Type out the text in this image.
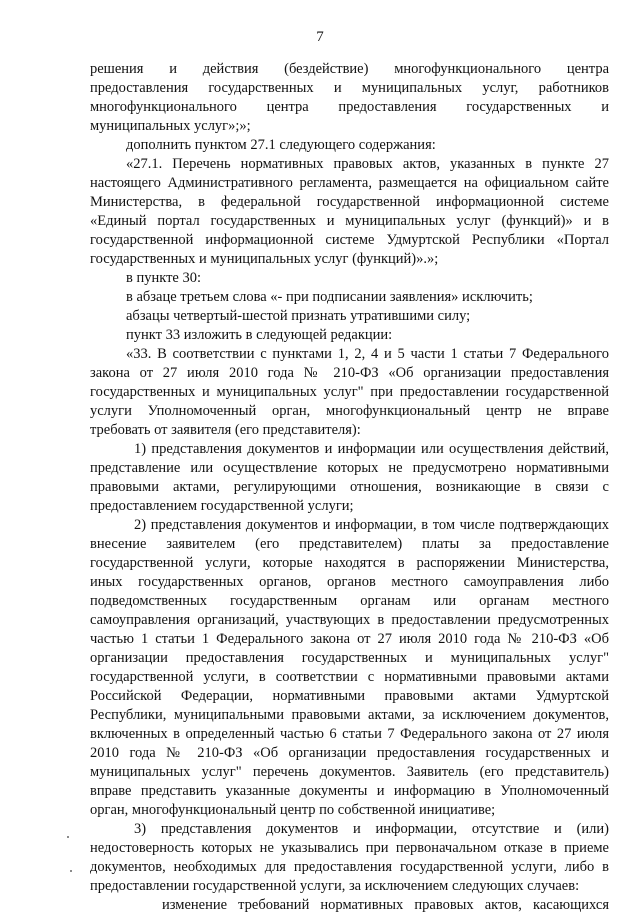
7
решения и действия (бездействие) многофункционального центра
предоставления государственных и муниципальных услуг, работников
многофункционального центра предоставления государственных и
муниципальных услуг»;»;
дополнить пунктом 27.1 следующего содержания:
«27.1. Перечень нормативных правовых актов, указанных в пункте 27
настоящего Административного регламента, размещается на официальном сайте
Министерства, в федеральной государственной информационной системе
«Единый портал государственных и муниципальных услуг (функций)» и в
государственной информационной системе Удмуртской Республики «Портал
государственных и муниципальных услуг (функций)».»;
в пункте 30:
в абзаце третьем слова «- при подписании заявления» исключить;
абзацы четвертый-шестой признать утратившими силу;
пункт 33 изложить в следующей редакции:
«33. В соответствии с пунктами 1, 2, 4 и 5 части 1 статьи 7 Федерального
закона от 27 июля 2010 года № 210-ФЗ «Об организации предоставления
государственных и муниципальных услуг" при предоставлении государственной
услуги Уполномоченный орган, многофункциональный центр не вправе
требовать от заявителя (его представителя):
1) представления документов и информации или осуществления действий,
представление или осуществление которых не предусмотрено нормативными
правовыми актами, регулирующими отношения, возникающие в связи с
предоставлением государственной услуги;
2) представления документов и информации, в том числе подтверждающих
внесение заявителем (его представителем) платы за предоставление
государственной услуги, которые находятся в распоряжении Министерства,
иных государственных органов, органов местного самоуправления либо
подведомственных государственным органам или органам местного
самоуправления организаций, участвующих в предоставлении предусмотренных
частью 1 статьи 1 Федерального закона от 27 июля 2010 года № 210-ФЗ «Об
организации предоставления государственных и муниципальных услуг"
государственной услуги, в соответствии с нормативными правовыми актами
Российской Федерации, нормативными правовыми актами Удмуртской
Республики, муниципальными правовыми актами, за исключением документов,
включенных в определенный частью 6 статьи 7 Федерального закона от 27 июля
2010 года № 210-ФЗ «Об организации предоставления государственных и
муниципальных услуг" перечень документов. Заявитель (его представитель)
вправе представить указанные документы и информацию в Уполномоченный
орган, многофункциональный центр по собственной инициативе;
3) представления документов и информации, отсутствие и (или)
недостоверность которых не указывались при первоначальном отказе в приеме
документов, необходимых для предоставления государственной услуги, либо в
предоставлении государственной услуги, за исключением следующих случаев:
изменение требований нормативных правовых актов, касающихся
